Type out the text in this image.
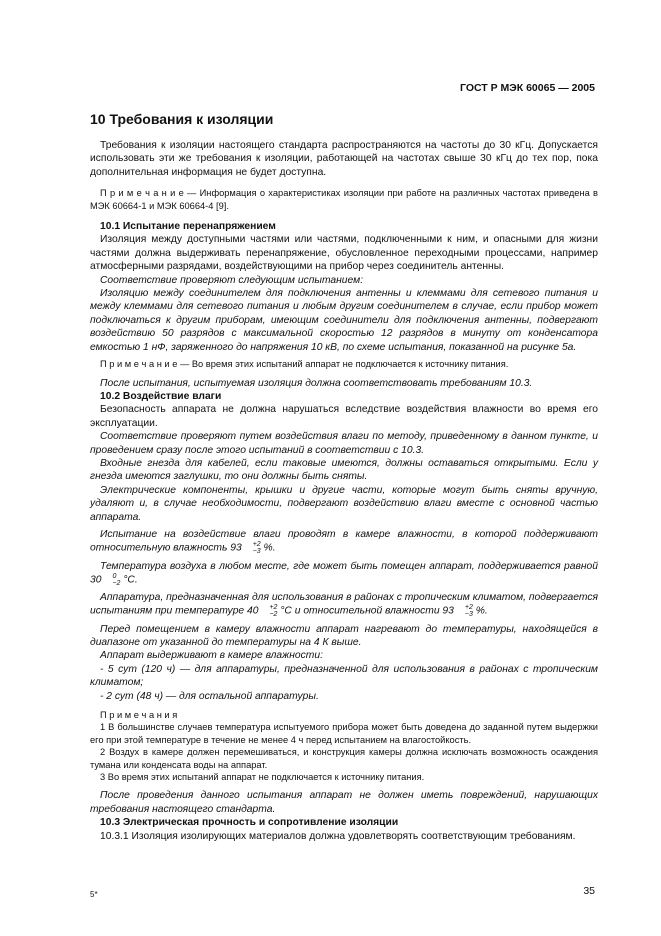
ГОСТ Р МЭК 60065 — 2005
10 Требования к изоляции

Требования к изоляции настоящего стандарта распространяются на частоты до 30 кГц. Допускается использовать эти же требования к изоляции, работающей на частотах свыше 30 кГц до тех пор, пока дополнительная информация не будет доступна.

П р и м е ч а н и е — Информация о характеристиках изоляции при работе на различных частотах приведена в МЭК 60664-1 и МЭК 60664-4 [9].

10.1 Испытание перенапряжением

Изоляция между доступными частями или частями, подключенными к ним, и опасными для жизни частями должна выдерживать перенапряжение, обусловленное переходными процессами, например атмосферными разрядами, воздействующими на прибор через соединитель антенны.

Соответствие проверяют следующим испытанием:

Изоляцию между соединителем для подключения антенны и клеммами для сетевого питания и между клеммами для сетевого питания и любым другим соединителем в случае, если прибор может подключаться к другим приборам, имеющим соединители для подключения антенны, подвергают воздействию 50 разрядов с максимальной скоростью 12 разрядов в минуту от конденсатора емкостью 1 нФ, заряженного до напряжения 10 кВ, по схеме испытания, показанной на рисунке 5а.

П р и м е ч а н и е — Во время этих испытаний аппарат не подключается к источнику питания.

После испытания, испытуемая изоляция должна соответствовать требованиям 10.3.

10.2 Воздействие влаги

Безопасность аппарата не должна нарушаться вследствие воздействия влажности во время его эксплуатации.

Соответствие проверяют путем воздействия влаги по методу, приведенному в данном пункте, и проведением сразу после этого испытаний в соответствии с 10.3.

Входные гнезда для кабелей, если таковые имеются, должны оставаться открытыми. Если у гнезда имеются заглушки, то они должны быть сняты.

Электрические компоненты, крышки и другие части, которые могут быть сняты вручную, удаляют и, в случае необходимости, подвергают воздействию влаги вместе с основной частью аппарата.

Испытание на воздействие влаги проводят в камере влажности, в которой поддерживают относительную влажность 93	+2
−3 %.

Температура воздуха в любом месте, где может быть помещен аппарат, поддерживается равной 30	0
−2 °С.

Аппаратура, предназначенная для использования в районах с тропическим климатом, подвергается испытаниям при температуре 40	+2
−2 °С и относительной влажности 93	+2
−3 %.

Перед помещением в камеру влажности аппарат нагревают до температуры, находящейся в диапазоне от указанной до температуры на 4 К выше.

Аппарат выдерживают в камере влажности:

- 5 сут (120 ч) — для аппаратуры, предназначенной для использования в районах с тропическим климатом;

- 2 сут (48 ч) — для остальной аппаратуры.

П р и м е ч а н и я

1 В большинстве случаев температура испытуемого прибора может быть доведена до заданной путем выдержки его при этой температуре в течение не менее 4 ч перед испытанием на влагостойкость.

2 Воздух в камере должен перемешиваться, и конструкция камеры должна исключать возможность осаждения тумана или конденсата воды на аппарат.

3 Во время этих испытаний аппарат не подключается к источнику питания.

После проведения данного испытания аппарат не должен иметь повреждений, нарушающих требования настоящего стандарта.

10.3 Электрическая прочность и сопротивление изоляции

10.3.1 Изоляция изолирующих материалов должна удовлетворять соответствующим требованиям.

5*	35
